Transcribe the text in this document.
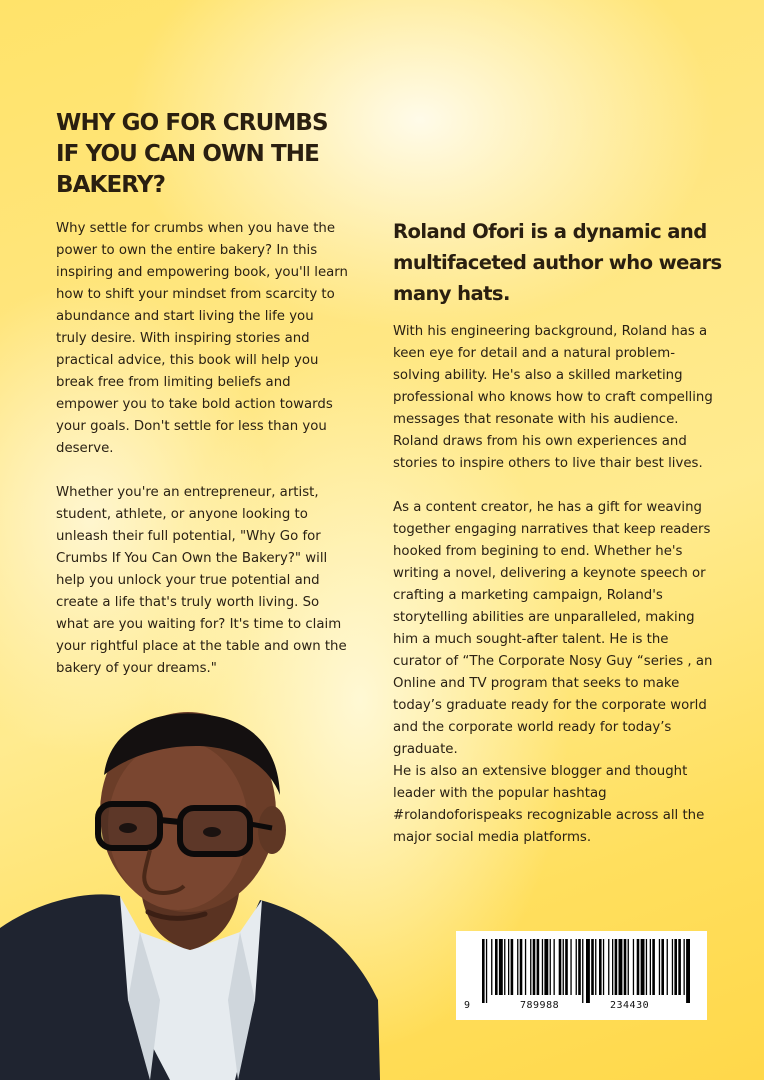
WHY GO FOR CRUMBS IF YOU CAN OWN THE BAKERY?

Why settle for crumbs when you have the power to own the entire bakery? In this inspiring and empowering book, you'll learn how to shift your mindset from scarcity to abundance and start living the life you truly desire. With inspiring stories and practical advice, this book will help you break free from limiting beliefs and empower you to take bold action towards your goals. Don't settle for less than you deserve.

Whether you're an entrepreneur, artist, student, athlete, or anyone looking to unleash their full potential, "Why Go for Crumbs If You Can Own the Bakery?" will help you unlock your true potential and create a life that's truly worth living. So what are you waiting for? It's time to claim your rightful place at the table and own the bakery of your dreams."

Roland Ofori is a dynamic and multifaceted author who wears many hats.

With his engineering background, Roland has a keen eye for detail and a natural problem-solving ability. He's also a skilled marketing professional who knows how to craft compelling messages that resonate with his audience. Roland draws from his own experiences and stories to inspire others to live thair best lives.

As a content creator, he has a gift for weaving together engaging narratives that keep readers hooked from begining to end. Whether he's writing a novel, delivering a keynote speech or crafting a marketing campaign, Roland's storytelling abilities are unparalleled, making him a much sought-after talent. He is the curator of “The Corporate Nosy Guy “series , an Online and TV program that seeks to make today’s graduate ready for the corporate world and the corporate world ready for today’s graduate.

He is also an extensive blogger and thought leader with the popular hashtag #rolandoforispeaks recognizable across all the major social media platforms.

9	789988	234430
